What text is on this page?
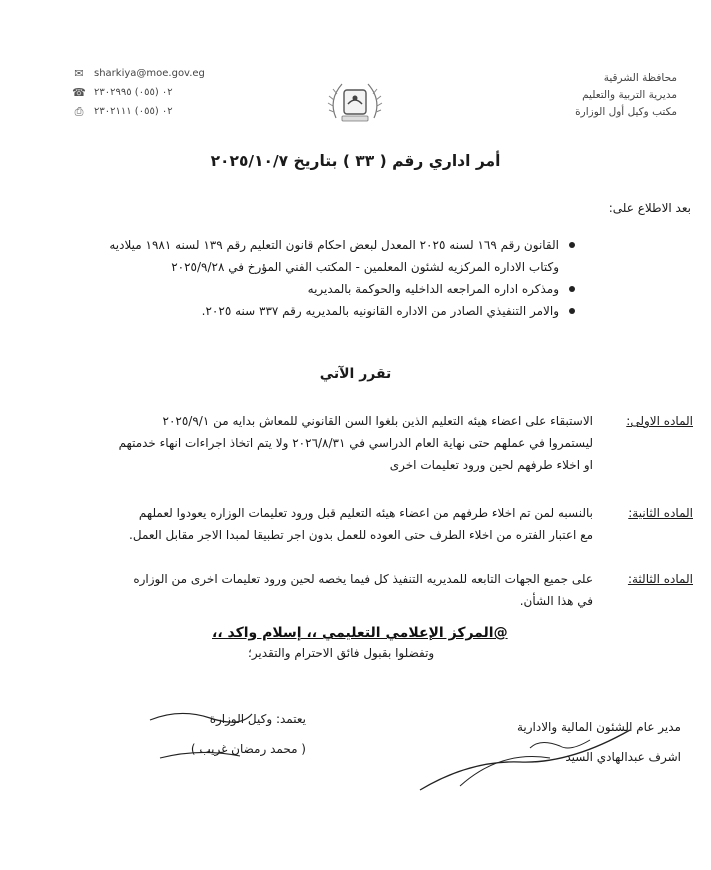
محافظة الشرقية
مديرية التربية والتعليم
مكتب وكيل أول الوزارة
✉ sharkiya@moe.gov.eg
☎ ٠٢ (٠٥٥) ٢٣٠٢٩٩٥
⎙ ٠٢ (٠٥٥) ٢٣٠٢١١١
أمر اداري رقم ( ٣٣ ) بتاريخ ٢٠٢٥/١٠/٧
بعد الاطلاع على:
القانون رقم ١٦٩ لسنه ٢٠٢٥ المعدل لبعض احكام قانون التعليم رقم ١٣٩ لسنه ١٩٨١ ميلاديه
وكتاب الاداره المركزيه لشئون المعلمين - المكتب الفني المؤرخ في ٢٠٢٥/٩/٢٨
ومذكره اداره المراجعه الداخليه والحوكمة بالمديريه
والامر التنفيذي الصادر من الاداره القانونيه بالمديريه رقم ٣٣٧ سنه ٢٠٢٥.
تقرر الآتي
الماده الاولى:
الاستبقاء على اعضاء هيئه التعليم الذين بلغوا السن القانوني للمعاش بدايه من ٢٠٢٥/٩/١
ليستمروا في عملهم حتى نهاية العام الدراسي في ٢٠٢٦/٨/٣١ ولا يتم اتخاذ اجراءات انهاء خدمتهم
او اخلاء طرفهم لحين ورود تعليمات اخرى
الماده الثانية:
بالنسبه لمن تم اخلاء طرفهم من اعضاء هيئه التعليم قبل ورود تعليمات الوزاره يعودوا لعملهم
مع اعتبار الفتره من اخلاء الطرف حتى العوده للعمل بدون اجر تطبيقا لمبدا الاجر مقابل العمل.
الماده الثالثة:
على جميع الجهات التابعه للمديريه التنفيذ كل فيما يخصه لحين ورود تعليمات اخرى من الوزاره
في هذا الشأن.
@المركز الإعلامي التعليمي ،، إسلام واكد ،،
وتفضلوا بقبول فائق الاحترام والتقدير؛
مدير عام الشئون المالية والادارية
اشرف عبدالهادي السيد
يعتمد: وكيل الوزارة
( محمد رمضان غريب )
